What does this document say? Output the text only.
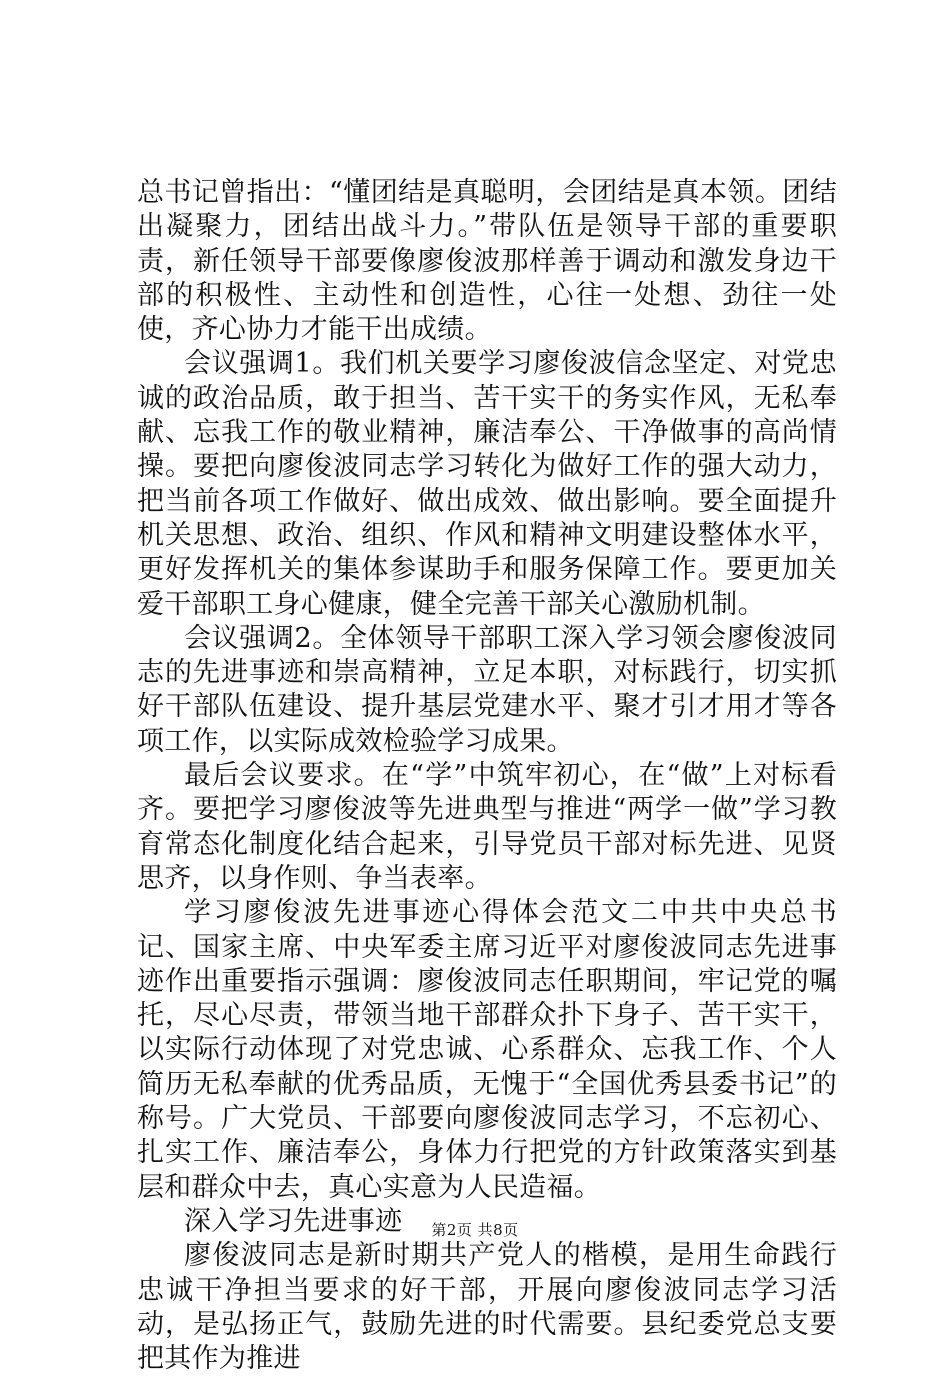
总书记曾指出：“懂团结是真聪明，会团结是真本领。团结出凝聚力，团结出战斗力。”带队伍是领导干部的重要职责，新任领导干部要像廖俊波那样善于调动和激发身边干部的积极性、主动性和创造性，心往一处想、劲往一处使，齐心协力才能干出成绩。

会议强调1。我们机关要学习廖俊波信念坚定、对党忠诚的政治品质，敢于担当、苦干实干的务实作风，无私奉献、忘我工作的敬业精神，廉洁奉公、干净做事的高尚情操。要把向廖俊波同志学习转化为做好工作的强大动力，把当前各项工作做好、做出成效、做出影响。要全面提升机关思想、政治、组织、作风和精神文明建设整体水平，更好发挥机关的集体参谋助手和服务保障工作。要更加关爱干部职工身心健康，健全完善干部关心激励机制。

会议强调2。全体领导干部职工深入学习领会廖俊波同志的先进事迹和崇高精神，立足本职，对标践行，切实抓好干部队伍建设、提升基层党建水平、聚才引才用才等各项工作，以实际成效检验学习成果。

最后会议要求。在“学”中筑牢初心，在“做”上对标看齐。要把学习廖俊波等先进典型与推进“两学一做”学习教育常态化制度化结合起来，引导党员干部对标先进、见贤思齐，以身作则、争当表率。

学习廖俊波先进事迹心得体会范文二中共中央总书记、国家主席、中央军委主席习近平对廖俊波同志先进事迹作出重要指示强调：廖俊波同志任职期间，牢记党的嘱托，尽心尽责，带领当地干部群众扑下身子、苦干实干，以实际行动体现了对党忠诚、心系群众、忘我工作、个人简历无私奉献的优秀品质，无愧于“全国优秀县委书记”的称号。广大党员、干部要向廖俊波同志学习，不忘初心、扎实工作、廉洁奉公，身体力行把党的方针政策落实到基层和群众中去，真心实意为人民造福。

深入学习先进事迹

廖俊波同志是新时期共产党人的楷模，是用生命践行忠诚干净担当要求的好干部，开展向廖俊波同志学习活动，是弘扬正气，鼓励先进的时代需要。县纪委党总支要把其作为推进

第2页 共8页
